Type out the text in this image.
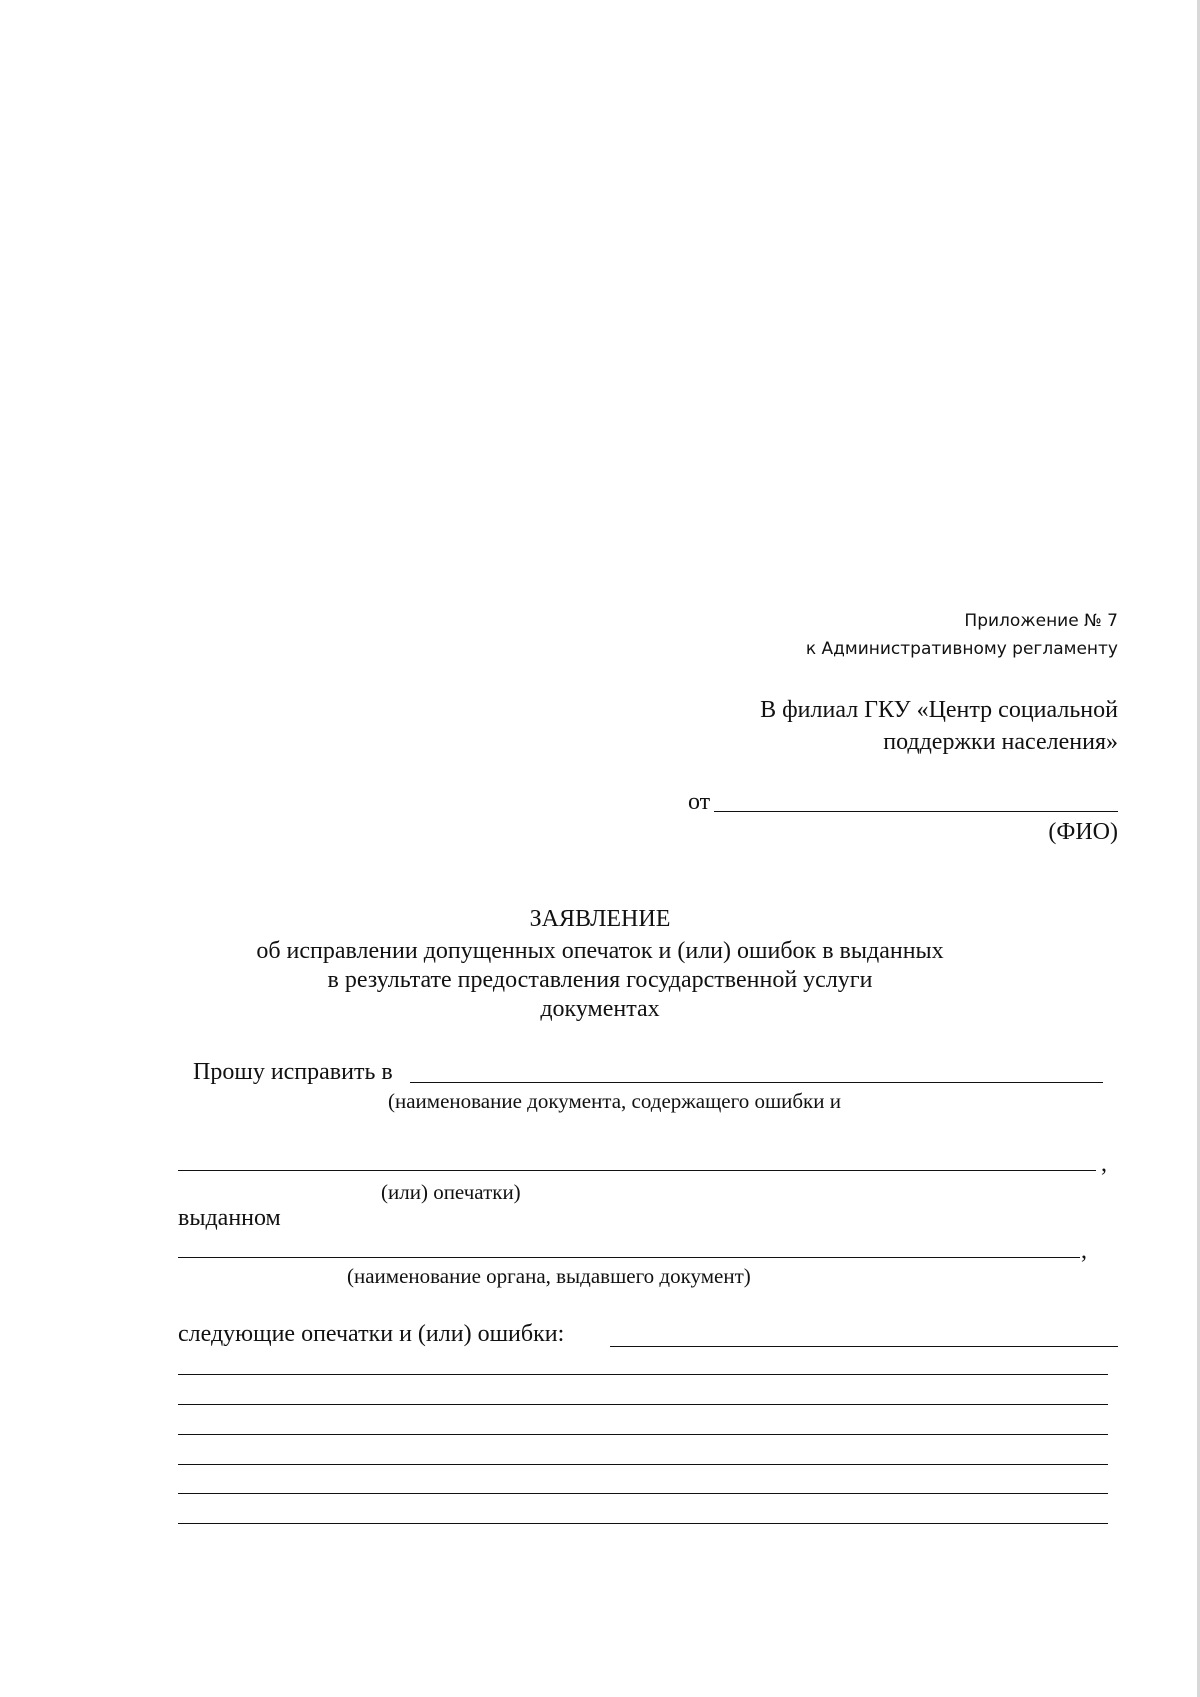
Приложение № 7
к Административному регламенту
В филиал ГКУ «Центр социальной
поддержки населения»
от
(ФИО)
ЗАЯВЛЕНИЕ
об исправлении допущенных опечаток и (или) ошибок в выданных
в результате предоставления государственной услуги
документах
Прошу исправить в
(наименование документа, содержащего ошибки и
,
(или) опечатки)
выданном
,
(наименование органа, выдавшего документ)
следующие опечатки и (или) ошибки:
